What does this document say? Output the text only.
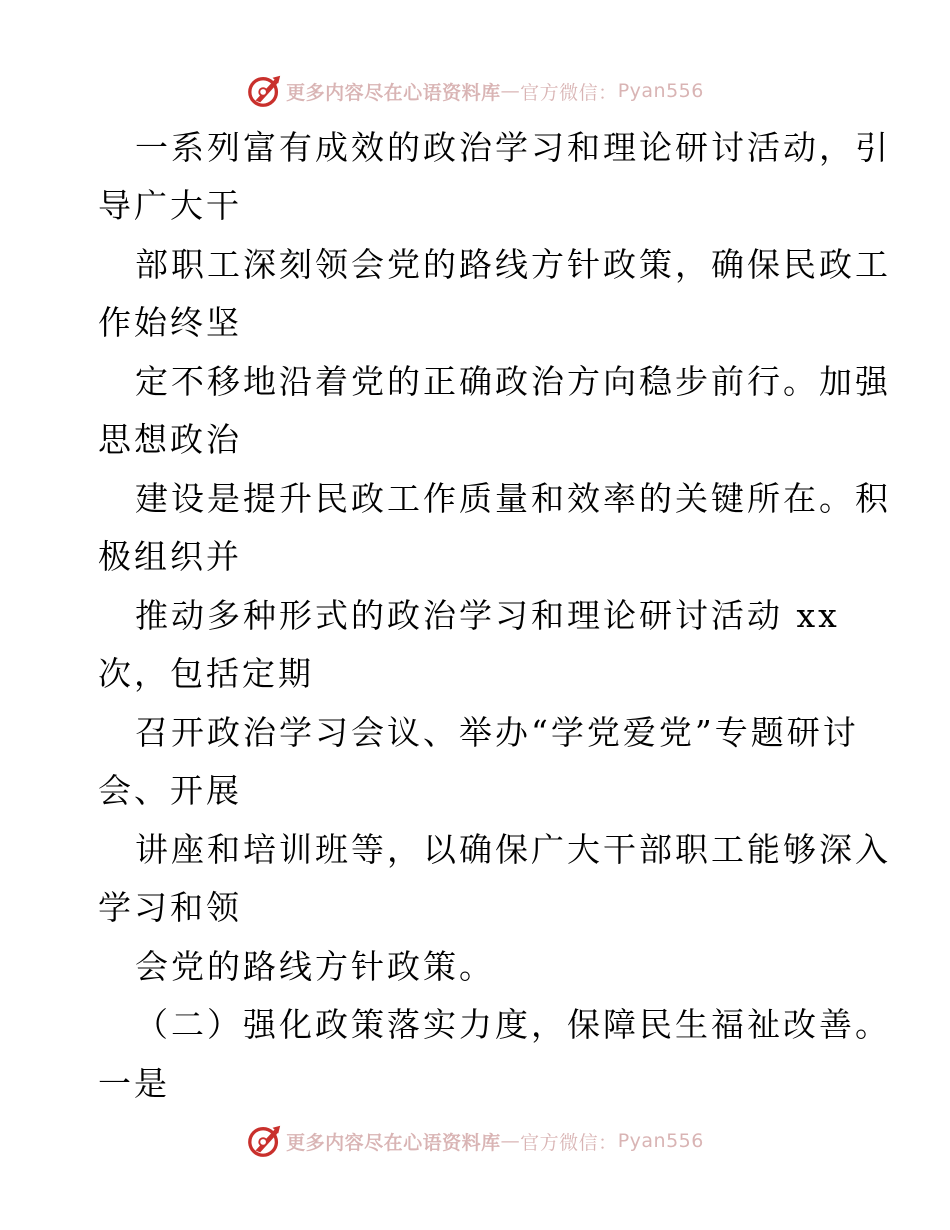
更多内容尽在心语资料库 — 官方微信： Pyan556
一系列富有成效的政治学习和理论研讨活动，引
导广大干
部职工深刻领会党的路线方针政策，确保民政工
作始终坚
定不移地沿着党的正确政治方向稳步前行。加强
思想政治
建设是提升民政工作质量和效率的关键所在。积
极组织并
推动多种形式的政治学习和理论研讨活动 xx
次，包括定期
召开政治学习会议、举办“学党爱党”专题研讨
会、开展
讲座和培训班等，以确保广大干部职工能够深入
学习和领
会党的路线方针政策。
（二）强化政策落实力度，保障民生福祉改善。
一是
更多内容尽在心语资料库 — 官方微信： Pyan556
